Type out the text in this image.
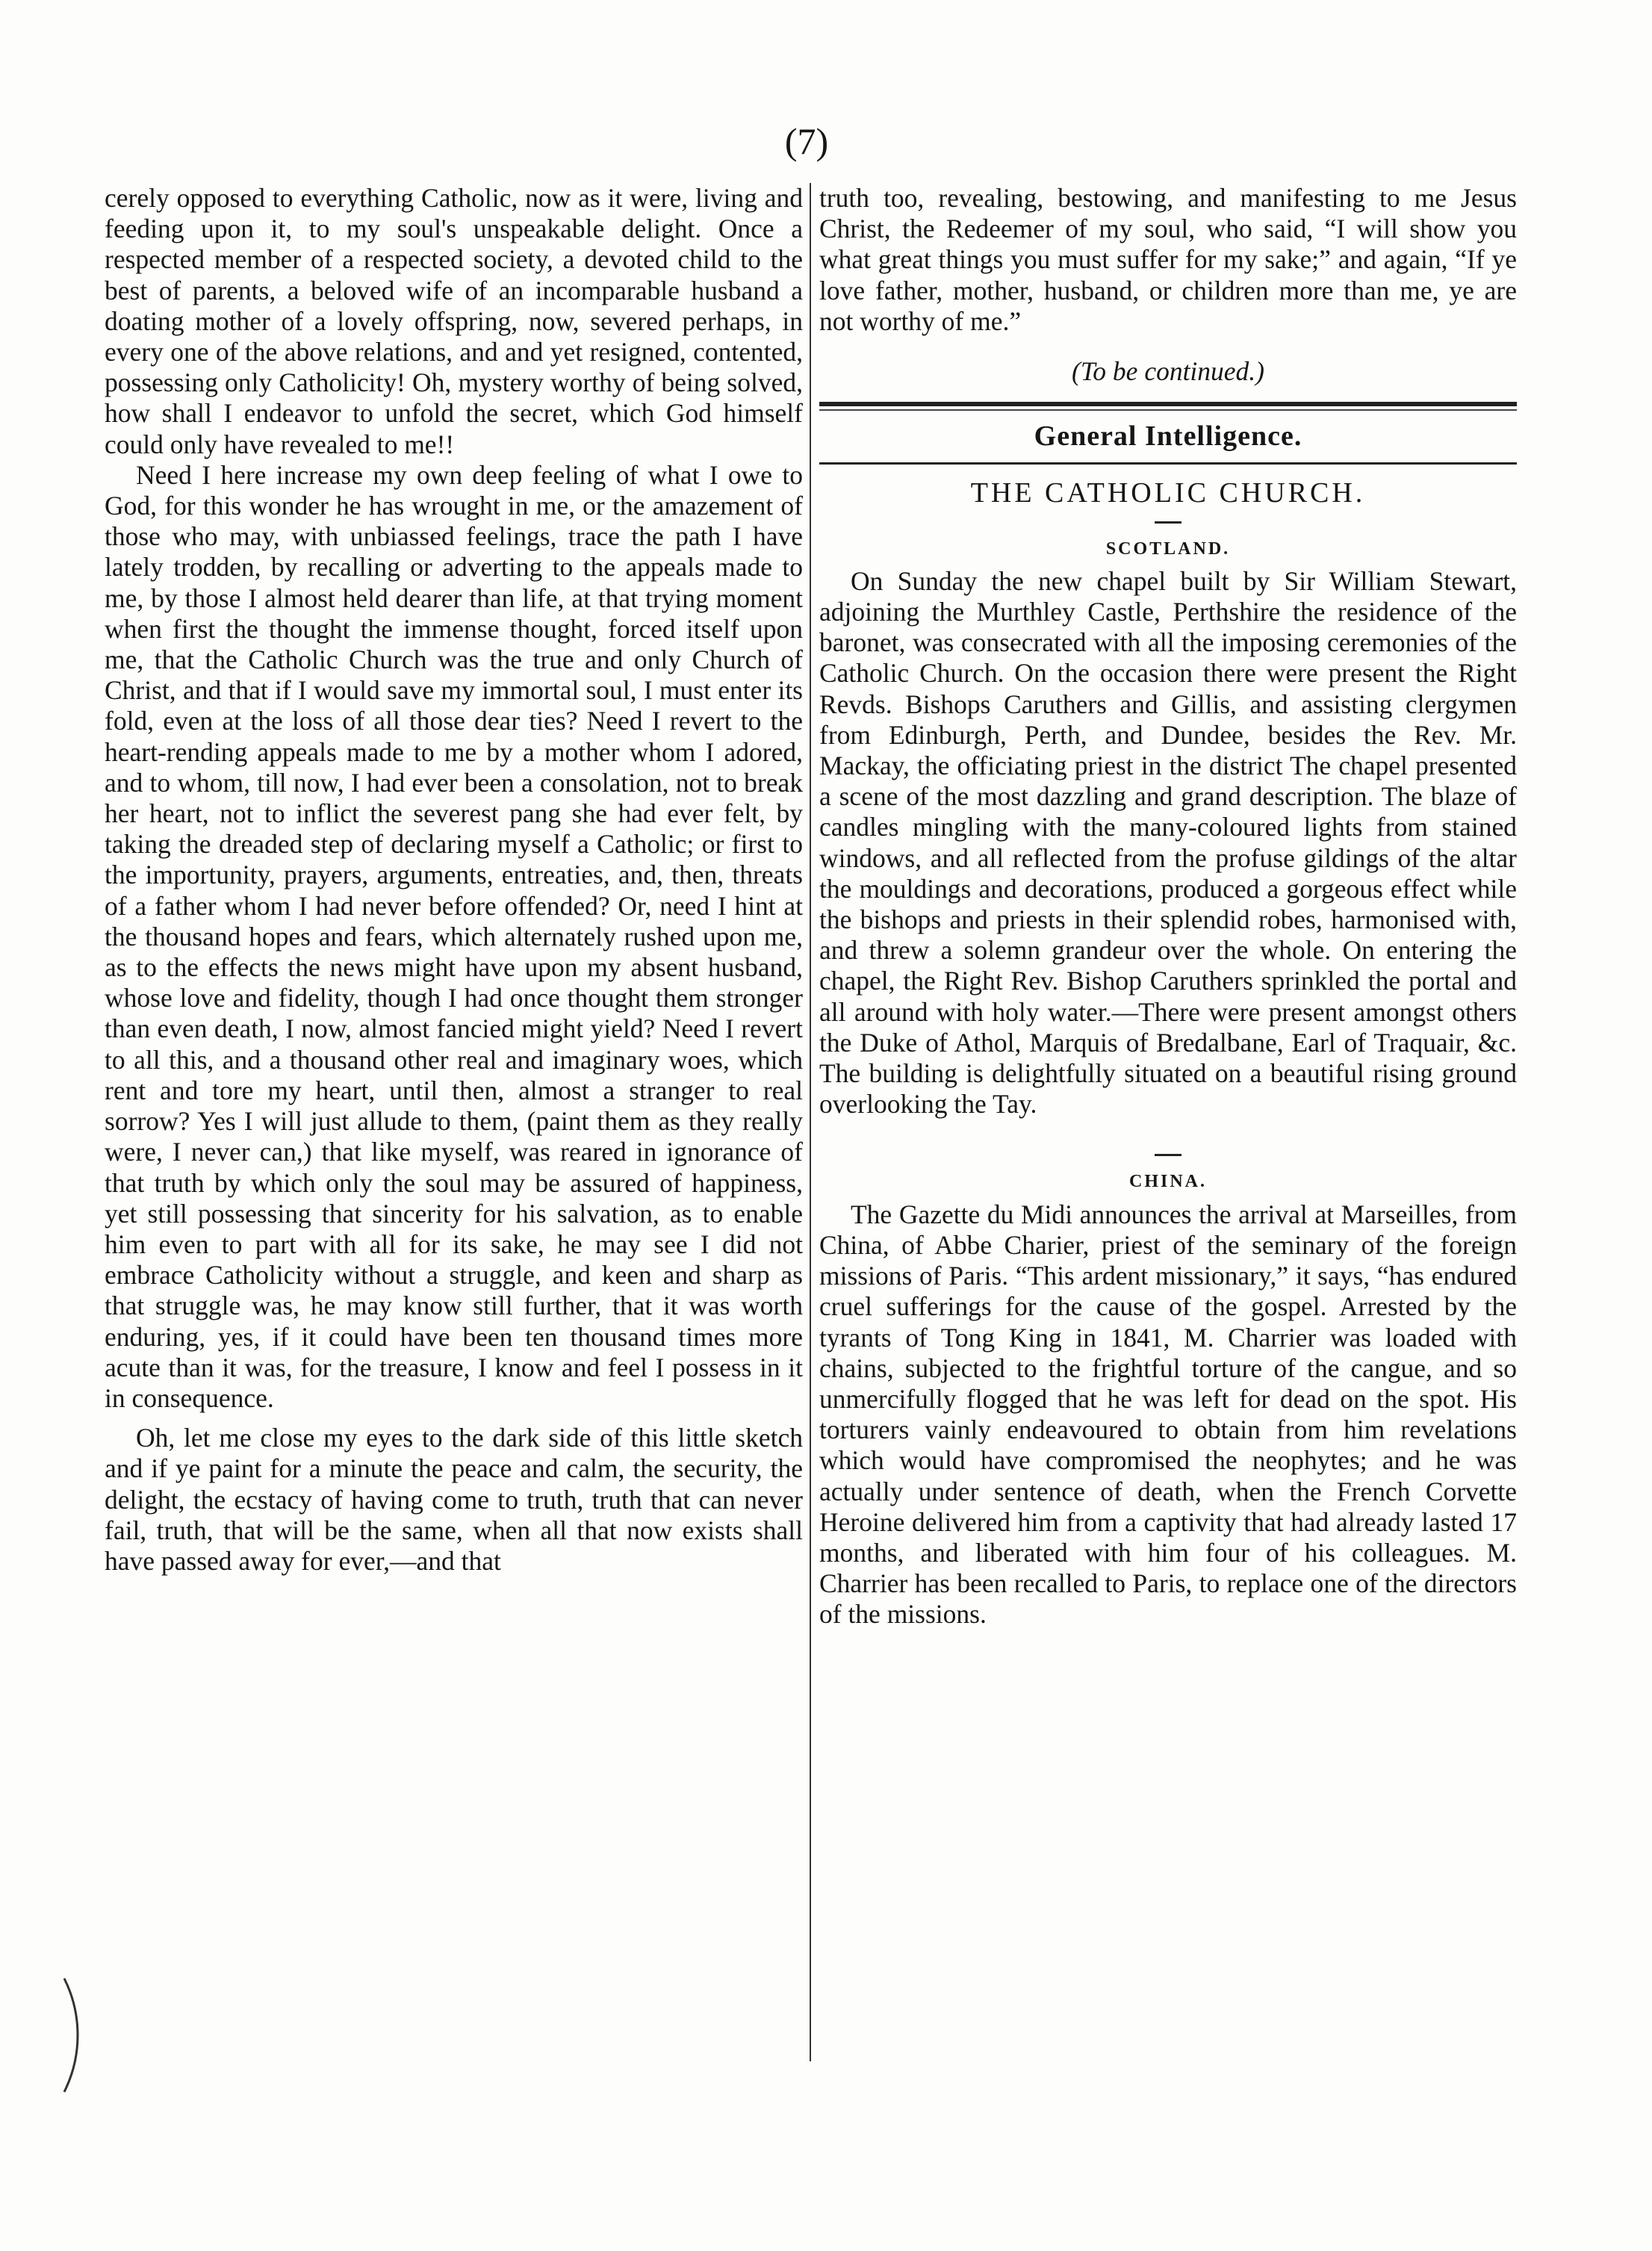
(7)

cerely opposed to everything Catholic, now as it were, living and feeding upon it, to my soul's unspeakable delight. Once a respected member of a respected society, a devoted child to the best of parents, a beloved wife of an incomparable husband a doating mother of a lovely offspring, now, severed perhaps, in every one of the above relations, and and yet resigned, contented, possessing only Catholicity! Oh, mystery worthy of being solved, how shall I endeavor to unfold the secret, which God himself could only have revealed to me!!

Need I here increase my own deep feeling of what I owe to God, for this wonder he has wrought in me, or the amazement of those who may, with unbiassed feelings, trace the path I have lately trodden, by recalling or adverting to the appeals made to me, by those I almost held dearer than life, at that trying moment when first the thought the immense thought, forced itself upon me, that the Catholic Church was the true and only Church of Christ, and that if I would save my immortal soul, I must enter its fold, even at the loss of all those dear ties? Need I revert to the heart-rending appeals made to me by a mother whom I adored, and to whom, till now, I had ever been a consolation, not to break her heart, not to inflict the severest pang she had ever felt, by taking the dreaded step of declaring myself a Catholic; or first to the importunity, prayers, arguments, entreaties, and, then, threats of a father whom I had never before offended? Or, need I hint at the thousand hopes and fears, which alternately rushed upon me, as to the effects the news might have upon my absent husband, whose love and fidelity, though I had once thought them stronger than even death, I now, almost fancied might yield? Need I revert to all this, and a thousand other real and imaginary woes, which rent and tore my heart, until then, almost a stranger to real sorrow? Yes I will just allude to them, (paint them as they really were, I never can,) that like myself, was reared in ignorance of that truth by which only the soul may be assured of happiness, yet still possessing that sincerity for his salvation, as to enable him even to part with all for its sake, he may see I did not embrace Catholicity without a struggle, and keen and sharp as that struggle was, he may know still further, that it was worth enduring, yes, if it could have been ten thousand times more acute than it was, for the treasure, I know and feel I possess in it in consequence.

Oh, let me close my eyes to the dark side of this little sketch and if ye paint for a minute the peace and calm, the security, the delight, the ecstacy of having come to truth, truth that can never fail, truth, that will be the same, when all that now exists shall have passed away for ever,—and that

truth too, revealing, bestowing, and manifesting to me Jesus Christ, the Redeemer of my soul, who said, “I will show you what great things you must suffer for my sake;” and again, “If ye love father, mother, husband, or children more than me, ye are not worthy of me.”

(To be continued.)

General Intelligence.
THE CATHOLIC CHURCH.
SCOTLAND.

On Sunday the new chapel built by Sir William Stewart, adjoining the Murthley Castle, Perthshire the residence of the baronet, was consecrated with all the imposing ceremonies of the Catholic Church. On the occasion there were present the Right Revds. Bishops Caruthers and Gillis, and assisting clergymen from Edinburgh, Perth, and Dundee, besides the Rev. Mr. Mackay, the officiating priest in the district The chapel presented a scene of the most dazzling and grand description. The blaze of candles mingling with the many-coloured lights from stained windows, and all reflected from the profuse gildings of the altar the mouldings and decorations, produced a gorgeous effect while the bishops and priests in their splendid robes, harmonised with, and threw a solemn grandeur over the whole. On entering the chapel, the Right Rev. Bishop Caruthers sprinkled the portal and all around with holy water.—There were present amongst others the Duke of Athol, Marquis of Bredalbane, Earl of Traquair, &c. The building is delightfully situated on a beautiful rising ground overlooking the Tay.

CHINA.

The Gazette du Midi announces the arrival at Marseilles, from China, of Abbe Charier, priest of the seminary of the foreign missions of Paris. “This ardent missionary,” it says, “has endured cruel sufferings for the cause of the gospel. Arrested by the tyrants of Tong King in 1841, M. Charrier was loaded with chains, subjected to the frightful torture of the cangue, and so unmercifully flogged that he was left for dead on the spot. His torturers vainly endeavoured to obtain from him revelations which would have compromised the neophytes; and he was actually under sentence of death, when the French Corvette Heroine delivered him from a captivity that had already lasted 17 months, and liberated with him four of his colleagues. M. Charrier has been recalled to Paris, to replace one of the directors of the missions.
